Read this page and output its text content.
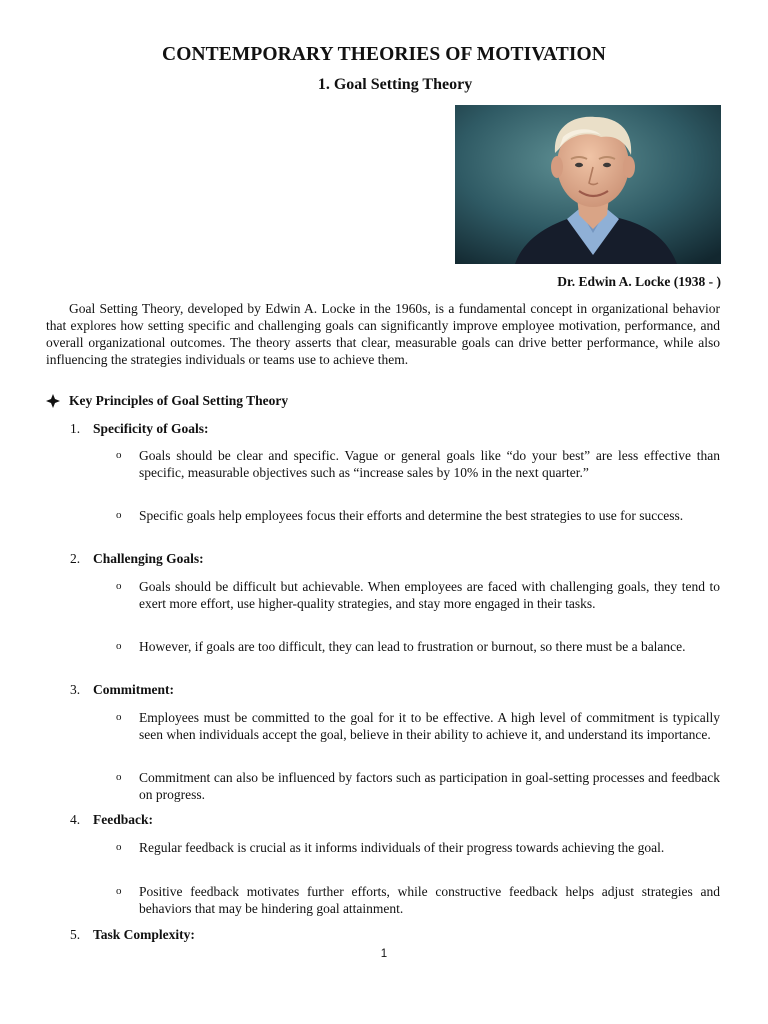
CONTEMPORARY THEORIES OF MOTIVATION
1. Goal Setting Theory
Dr. Edwin A. Locke (1938 - )

Goal Setting Theory, developed by Edwin A. Locke in the 1960s, is a fundamental concept in organizational behavior that explores how setting specific and challenging goals can significantly improve employee motivation, performance, and overall organizational outcomes. The theory asserts that clear, measurable goals can drive better performance, while also influencing the strategies individuals or teams use to achieve them.

Key Principles of Goal Setting Theory
1. Specificity of Goals:
o Goals should be clear and specific. Vague or general goals like “do your best” are less effective than specific, measurable objectives such as “increase sales by 10% in the next quarter.”
o Specific goals help employees focus their efforts and determine the best strategies to use for success.
2. Challenging Goals:
o Goals should be difficult but achievable. When employees are faced with challenging goals, they tend to exert more effort, use higher-quality strategies, and stay more engaged in their tasks.
o However, if goals are too difficult, they can lead to frustration or burnout, so there must be a balance.
3. Commitment:
o Employees must be committed to the goal for it to be effective. A high level of commitment is typically seen when individuals accept the goal, believe in their ability to achieve it, and understand its importance.
o Commitment can also be influenced by factors such as participation in goal-setting processes and feedback on progress.
4. Feedback:
o Regular feedback is crucial as it informs individuals of their progress towards achieving the goal.
o Positive feedback motivates further efforts, while constructive feedback helps adjust strategies and behaviors that may be hindering goal attainment.
5. Task Complexity:
1
